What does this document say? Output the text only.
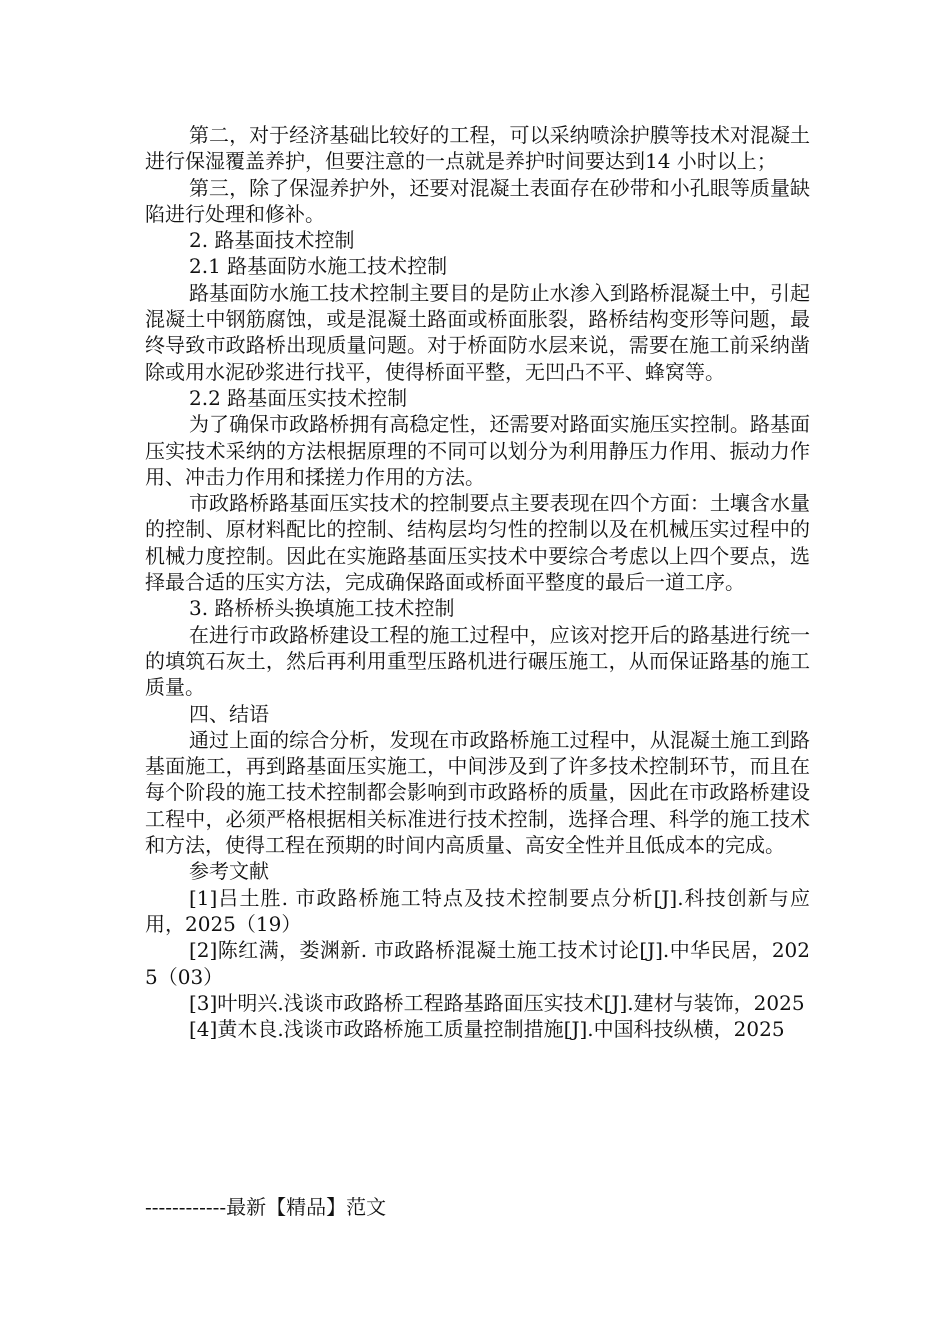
第二，对于经济基础比较好的工程，可以采纳喷涂护膜等技术对混凝土进行保湿覆盖养护，但要注意的一点就是养护时间要达到14 小时以上；

第三，除了保湿养护外，还要对混凝土表面存在砂带和小孔眼等质量缺陷进行处理和修补。

2. 路基面技术控制

2.1 路基面防水施工技术控制

路基面防水施工技术控制主要目的是防止水渗入到路桥混凝土中，引起混凝土中钢筋腐蚀，或是混凝土路面或桥面胀裂，路桥结构变形等问题，最终导致市政路桥出现质量问题。对于桥面防水层来说，需要在施工前采纳凿除或用水泥砂浆进行找平，使得桥面平整，无凹凸不平、蜂窝等。

2.2 路基面压实技术控制

为了确保市政路桥拥有高稳定性，还需要对路面实施压实控制。路基面压实技术采纳的方法根据原理的不同可以划分为利用静压力作用、振动力作用、冲击力作用和揉搓力作用的方法。

市政路桥路基面压实技术的控制要点主要表现在四个方面：土壤含水量的控制、原材料配比的控制、结构层均匀性的控制以及在机械压实过程中的机械力度控制。因此在实施路基面压实技术中要综合考虑以上四个要点，选择最合适的压实方法，完成确保路面或桥面平整度的最后一道工序。

3. 路桥桥头换填施工技术控制

在进行市政路桥建设工程的施工过程中，应该对挖开后的路基进行统一的填筑石灰土，然后再利用重型压路机进行碾压施工，从而保证路基的施工质量。

四、结语

通过上面的综合分析，发现在市政路桥施工过程中，从混凝土施工到路基面施工，再到路基面压实施工，中间涉及到了许多技术控制环节，而且在每个阶段的施工技术控制都会影响到市政路桥的质量，因此在市政路桥建设工程中，必须严格根据相关标准进行技术控制，选择合理、科学的施工技术和方法，使得工程在预期的时间内高质量、高安全性并且低成本的完成。

参考文献

[1]吕土胜. 市政路桥施工特点及技术控制要点分析[J].科技创新与应用，2025（19）

[2]陈红满，娄渊新. 市政路桥混凝土施工技术讨论[J].中华民居，2025（03）

[3]叶明兴.浅谈市政路桥工程路基路面压实技术[J].建材与装饰，2025

[4]黄木良.浅谈市政路桥施工质量控制措施[J].中国科技纵横，2025

------------最新【精品】范文
